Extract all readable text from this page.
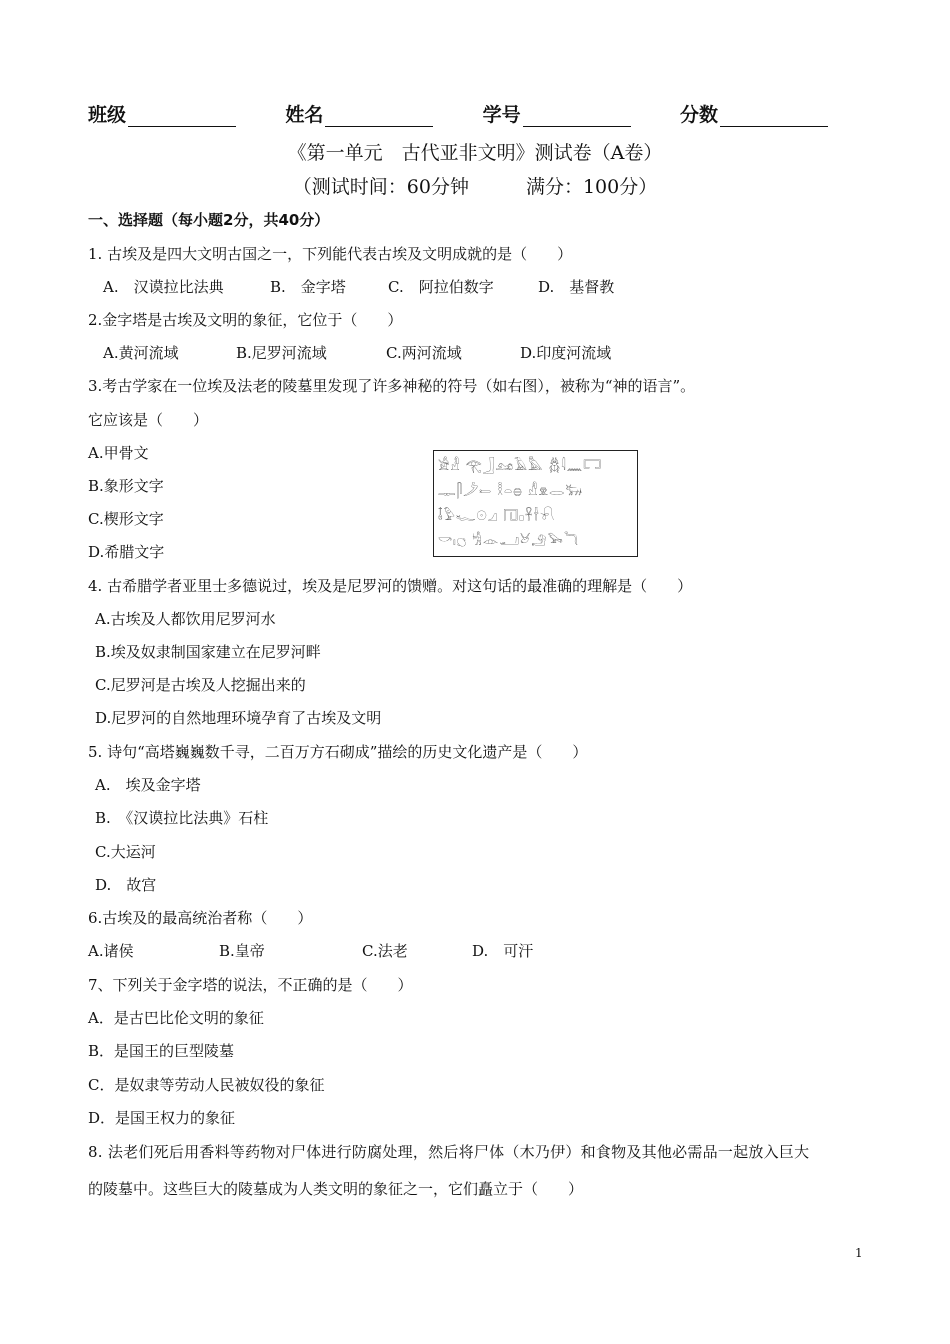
班级	姓名	学号	分数
《第一单元　古代亚非文明》测试卷（A卷）
（测试时间：60分钟　　　满分：100分）
一、选择题（每小题2分，共40分）
1. 古埃及是四大文明古国之一，下列能代表古埃及文明成就的是（　　）
A.　汉谟拉比法典	B.　金字塔	C.　阿拉伯数字	D.　基督教
2.金字塔是古埃及文明的象征，它位于（　　）
A.黄河流域	B.尼罗河流域	C.两河流域	D.印度河流域
3.考古学家在一位埃及法老的陵墓里发现了许多神秘的符号（如右图），被称为“神的语言”。
它应该是（　　）
A.甲骨文
B.象形文字
C.楔形文字
D.希腊文字
𓀀𓁐 𓂀𓃀𓃭𓄿𓅓 𓆣𓇋𓈖𓉐
𓊃𓋴𓌳𓍿 𓎛𓏏𓐍 𓀭𓁷𓂋𓃒
𓄤𓅱𓆑𓇳𓈎 𓉔𓊪𓋹𓌂𓍯
𓎡𓏤𓐎 𓀜𓁹𓂝𓃾𓄂𓅨𓆓
4. 古希腊学者亚里士多德说过，埃及是尼罗河的馈赠。对这句话的最准确的理解是（　　）
A.古埃及人都饮用尼罗河水
B.埃及奴隶制国家建立在尼罗河畔
C.尼罗河是古埃及人挖掘出来的
D.尼罗河的自然地理环境孕育了古埃及文明
5. 诗句“高塔巍巍数千寻，二百万方石砌成”描绘的历史文化遗产是（　　）
A.　埃及金字塔
B.　《汉谟拉比法典》石柱
C.大运河
D.　故宫
6.古埃及的最高统治者称（　　）
A.诸侯	B.皇帝	C.法老	D.　可汗
7、下列关于金字塔的说法，不正确的是（　　）
A．是古巴比伦文明的象征
B．是国王的巨型陵墓
C．是奴隶等劳动人民被奴役的象征
D．是国王权力的象征
8. 法老们死后用香料等药物对尸体进行防腐处理，然后将尸体（木乃伊）和食物及其他必需品一起放入巨大
的陵墓中。这些巨大的陵墓成为人类文明的象征之一，它们矗立于（　　）
1
